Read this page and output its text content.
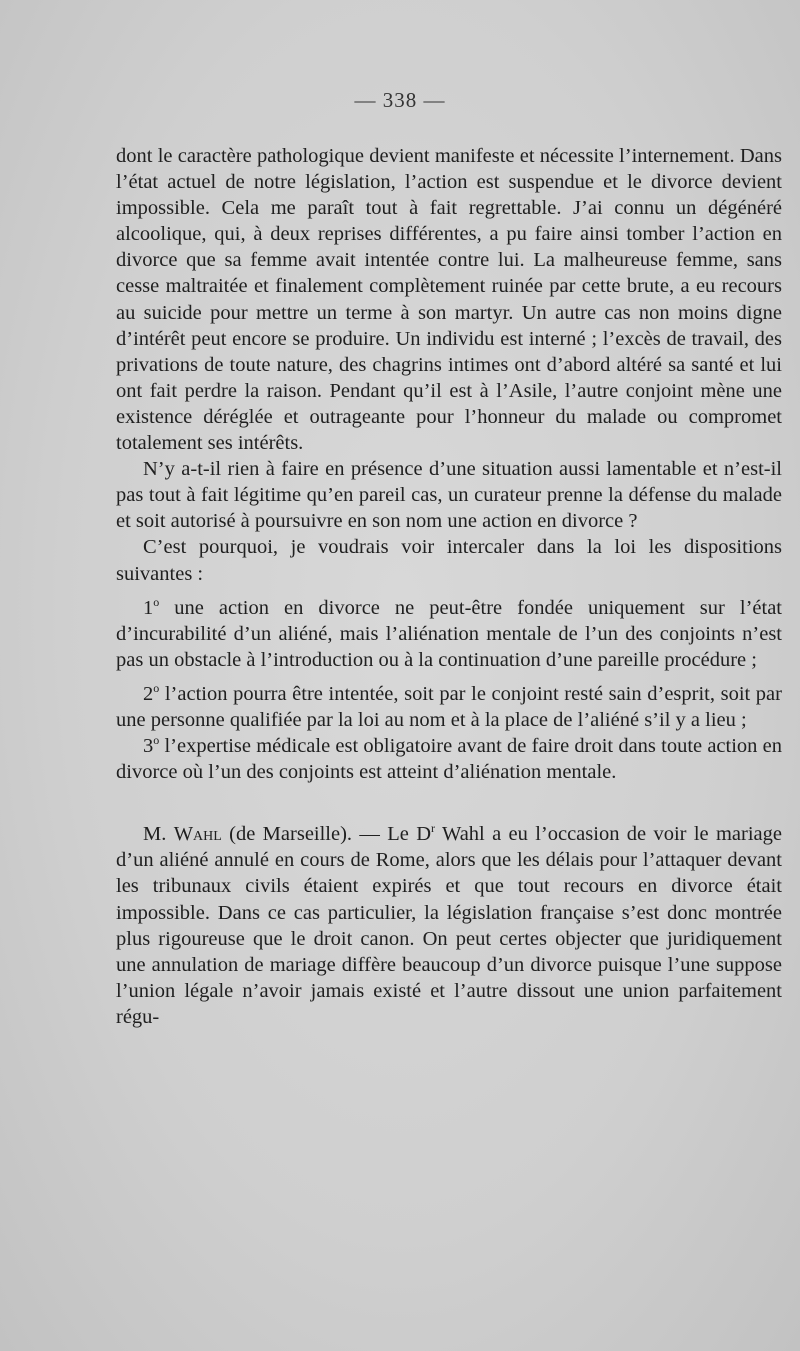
— 338 —

dont le caractère pathologique devient manifeste et nécessite l’internement. Dans l’état actuel de notre législation, l’action est suspendue et le divorce devient impossible. Cela me paraît tout à fait regrettable. J’ai connu un dégénéré alcoolique, qui, à deux reprises différentes, a pu faire ainsi tomber l’action en divorce que sa femme avait intentée contre lui. La malheureuse femme, sans cesse maltraitée et finalement complètement ruinée par cette brute, a eu recours au suicide pour mettre un terme à son martyr. Un autre cas non moins digne d’intérêt peut encore se produire. Un individu est interné ; l’excès de travail, des privations de toute nature, des chagrins intimes ont d’abord altéré sa santé et lui ont fait perdre la raison. Pendant qu’il est à l’Asile, l’autre conjoint mène une existence déréglée et outrageante pour l’honneur du malade ou compromet totalement ses intérêts.

N’y a-t-il rien à faire en présence d’une situation aussi lamentable et n’est-il pas tout à fait légitime qu’en pareil cas, un curateur prenne la défense du malade et soit autorisé à poursuivre en son nom une action en divorce ?

C’est pourquoi, je voudrais voir intercaler dans la loi les dispositions suivantes :

1$^o$ une action en divorce ne peut-être fondée uniquement sur l’état d’incurabilité d’un aliéné, mais l’aliénation mentale de l’un des conjoints n’est pas un obstacle à l’introduction ou à la continuation d’une pareille procédure ;

2$^o$ l’action pourra être intentée, soit par le conjoint resté sain d’esprit, soit par une personne qualifiée par la loi au nom et à la place de l’aliéné s’il y a lieu ;

3$^o$ l’expertise médicale est obligatoire avant de faire droit dans toute action en divorce où l’un des conjoints est atteint d’aliénation mentale.

M. Wahl (de Marseille). — Le $D^r$ Wahl a eu l’occasion de voir le mariage d’un aliéné annulé en cours de Rome, alors que les délais pour l’attaquer devant les tribunaux civils étaient expirés et que tout recours en divorce était impossible. Dans ce cas particulier, la législation française s’est donc montrée plus rigoureuse que le droit canon. On peut certes objecter que juridiquement une annulation de mariage diffère beaucoup d’un divorce puisque l’une suppose l’union légale n’avoir jamais existé et l’autre dissout une union parfaitement régu-
